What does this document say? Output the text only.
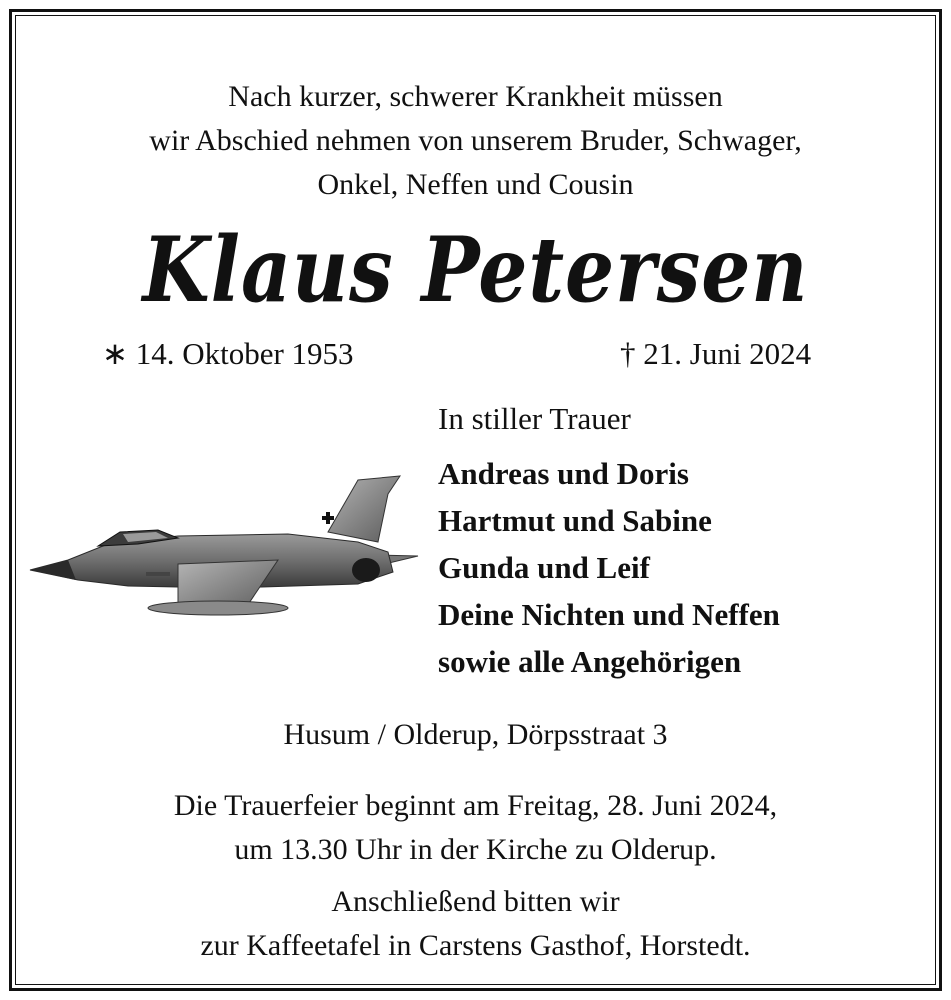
Nach kurzer, schwerer Krankheit müssen
wir Abschied nehmen von unserem Bruder, Schwager,
Onkel, Neffen und Cousin
Klaus Petersen
∗ 14. Oktober 1953	† 21. Juni 2024
In stiller Trauer
Andreas und Doris
Hartmut und Sabine
Gunda und Leif
Deine Nichten und Neffen
sowie alle Angehörigen
Husum / Olderup, Dörpsstraat 3
Die Trauerfeier beginnt am Freitag, 28. Juni 2024,
um 13.30 Uhr in der Kirche zu Olderup.
Anschließend bitten wir
zur Kaffeetafel in Carstens Gasthof, Horstedt.
